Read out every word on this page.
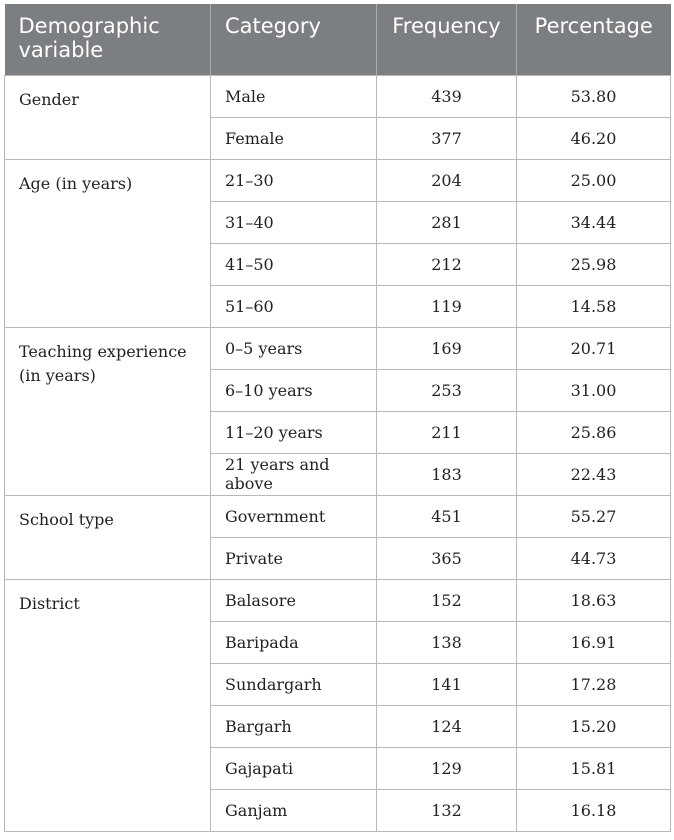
Demographic variable	Category	Frequency	Percentage
Gender	Male	439	53.80
	Female	377	46.20
Age (in years)	21–30	204	25.00
	31–40	281	34.44
	41–50	212	25.98
	51–60	119	14.58
Teaching experience (in years)	0–5 years	169	20.71
	6–10 years	253	31.00
	11–20 years	211	25.86
	21 years and above	183	22.43
School type	Government	451	55.27
	Private	365	44.73
District	Balasore	152	18.63
	Baripada	138	16.91
	Sundargarh	141	17.28
	Bargarh	124	15.20
	Gajapati	129	15.81
	Ganjam	132	16.18
